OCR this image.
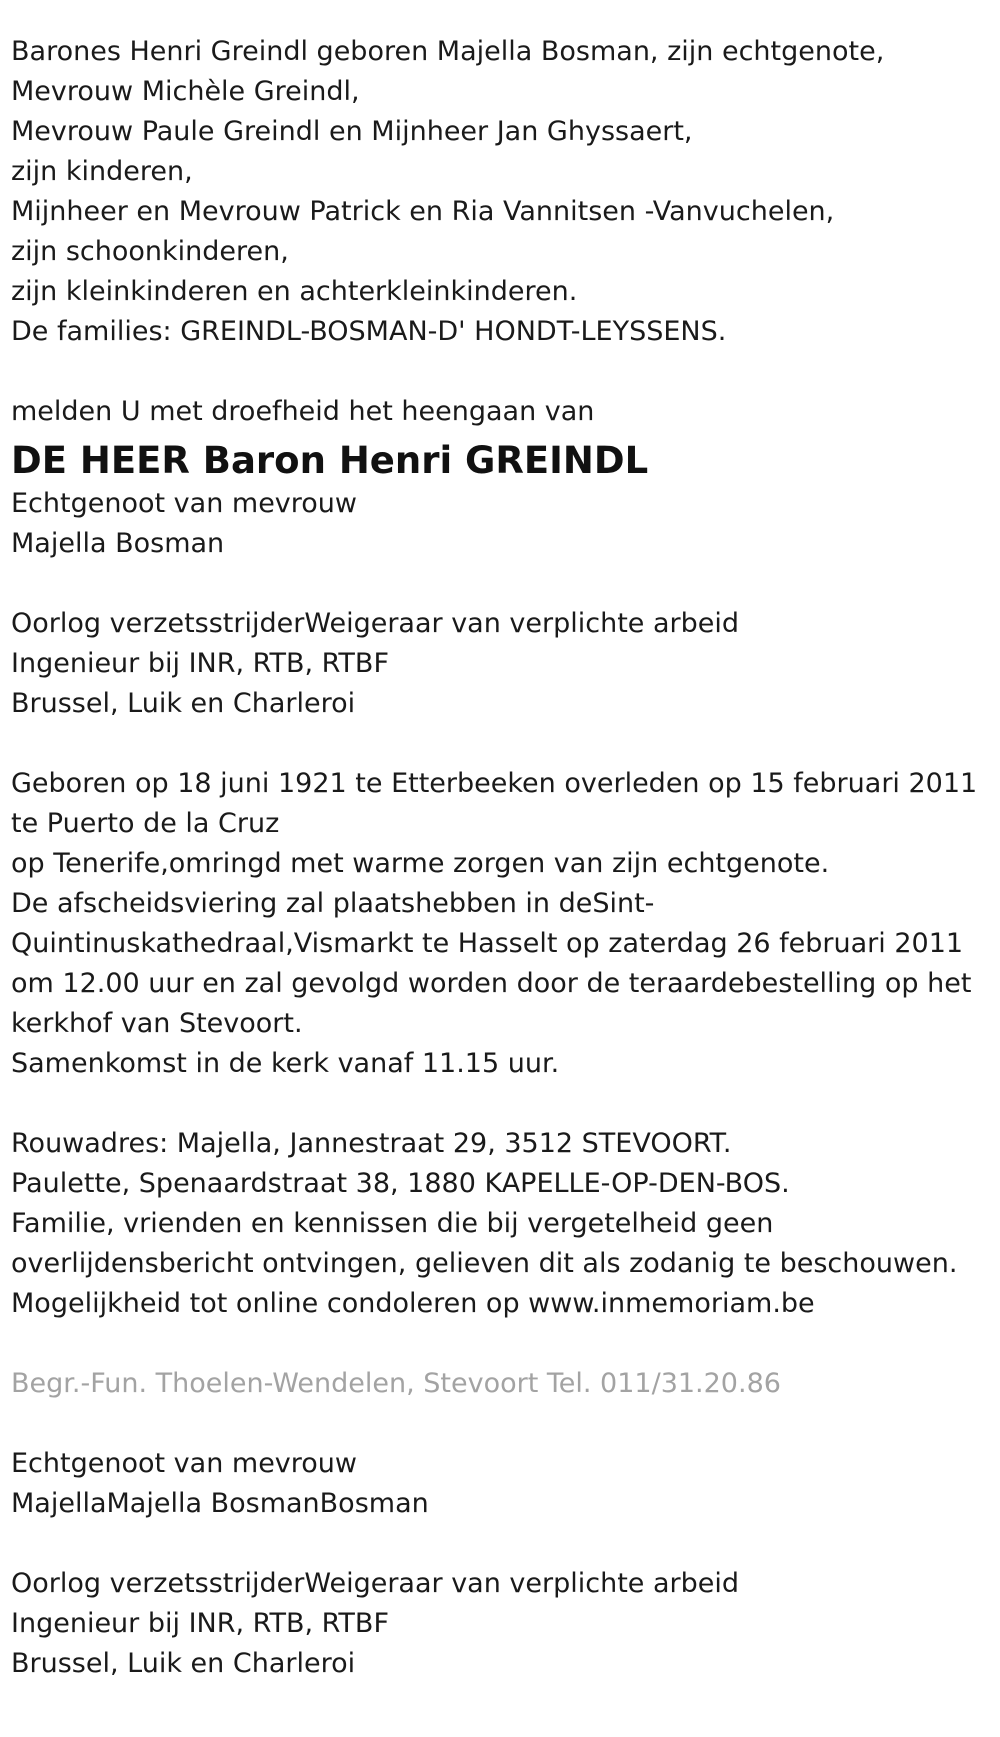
Barones Henri Greindl geboren Majella Bosman, zijn echtgenote,
Mevrouw Michèle Greindl,
Mevrouw Paule Greindl en Mijnheer Jan Ghyssaert,
zijn kinderen,
Mijnheer en Mevrouw Patrick en Ria Vannitsen -Vanvuchelen,
zijn schoonkinderen,
zijn kleinkinderen en achterkleinkinderen.
De families: GREINDL-BOSMAN-D' HONDT-LEYSSENS.
melden U met droefheid het heengaan van
DE HEER Baron Henri GREINDL
Echtgenoot van mevrouw
Majella Bosman
Oorlog verzetsstrijderWeigeraar van verplichte arbeid
Ingenieur bij INR, RTB, RTBF
Brussel, Luik en Charleroi
Geboren op 18 juni 1921 te Etterbeeken overleden op 15 februari 2011 te Puerto de la Cruz
op Tenerife,omringd met warme zorgen van zijn echtgenote.
De afscheidsviering zal plaatshebben in deSint-Quintinuskathedraal,Vismarkt te Hasselt op zaterdag 26 februari 2011 om 12.00 uur en zal gevolgd worden door de teraardebestelling op het kerkhof van Stevoort.
Samenkomst in de kerk vanaf 11.15 uur.
Rouwadres: Majella, Jannestraat 29, 3512 STEVOORT.
Paulette, Spenaardstraat 38, 1880 KAPELLE-OP-DEN-BOS.
Familie, vrienden en kennissen die bij vergetelheid geen
overlijdensbericht ontvingen, gelieven dit als zodanig te beschouwen.
Mogelijkheid tot online condoleren op www.inmemoriam.be
Begr.-Fun. Thoelen-Wendelen, Stevoort Tel. 011/31.20.86
Echtgenoot van mevrouw
MajellaMajella BosmanBosman
Oorlog verzetsstrijderWeigeraar van verplichte arbeid
Ingenieur bij INR, RTB, RTBF
Brussel, Luik en Charleroi
